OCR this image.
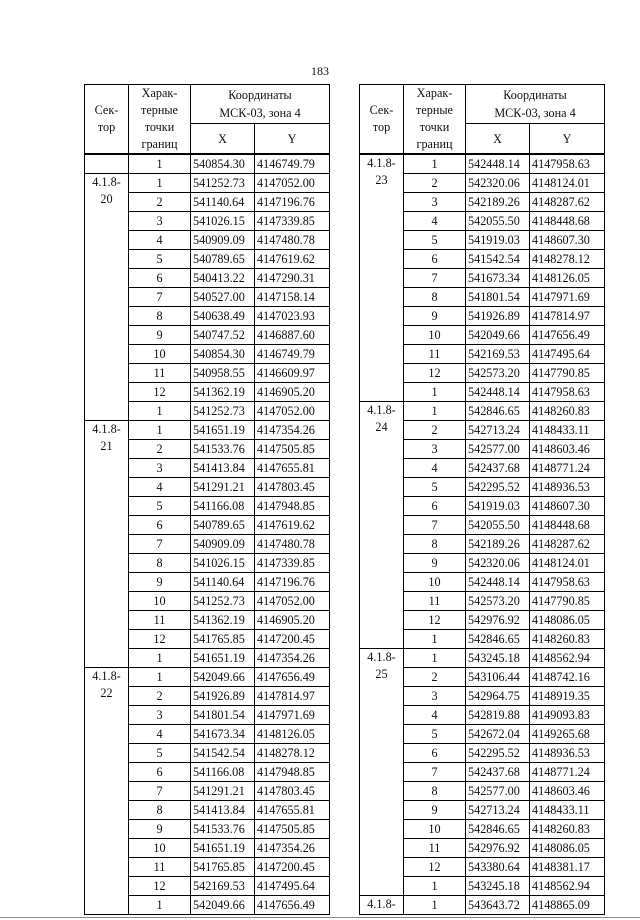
183
Сек-
тор	Харак-
терные
точки
границ	Координаты
МСК-03, зона 4	
		X	Y
	1	540854.30	4146749.79
4.1.8-
20	1	541252.73	4147052.00
	2	541140.64	4147196.76
	3	541026.15	4147339.85
	4	540909.09	4147480.78
	5	540789.65	4147619.62
	6	540413.22	4147290.31
	7	540527.00	4147158.14
	8	540638.49	4147023.93
	9	540747.52	4146887.60
	10	540854.30	4146749.79
	11	540958.55	4146609.97
	12	541362.19	4146905.20
	1	541252.73	4147052.00
4.1.8-
21	1	541651.19	4147354.26
	2	541533.76	4147505.85
	3	541413.84	4147655.81
	4	541291.21	4147803.45
	5	541166.08	4147948.85
	6	540789.65	4147619.62
	7	540909.09	4147480.78
	8	541026.15	4147339.85
	9	541140.64	4147196.76
	10	541252.73	4147052.00
	11	541362.19	4146905.20
	12	541765.85	4147200.45
	1	541651.19	4147354.26
4.1.8-
22	1	542049.66	4147656.49
	2	541926.89	4147814.97
	3	541801.54	4147971.69
	4	541673.34	4148126.05
	5	541542.54	4148278.12
	6	541166.08	4147948.85
	7	541291.21	4147803.45
	8	541413.84	4147655.81
	9	541533.76	4147505.85
	10	541651.19	4147354.26
	11	541765.85	4147200.45
	12	542169.53	4147495.64
	1	542049.66	4147656.49
Сек-
тор	Харак-
терные
точки
границ	Координаты
МСК-03, зона 4	
		X	Y
4.1.8-
23	1	542448.14	4147958.63
	2	542320.06	4148124.01
	3	542189.26	4148287.62
	4	542055.50	4148448.68
	5	541919.03	4148607.30
	6	541542.54	4148278.12
	7	541673.34	4148126.05
	8	541801.54	4147971.69
	9	541926.89	4147814.97
	10	542049.66	4147656.49
	11	542169.53	4147495.64
	12	542573.20	4147790.85
	1	542448.14	4147958.63
4.1.8-
24	1	542846.65	4148260.83
	2	542713.24	4148433.11
	3	542577.00	4148603.46
	4	542437.68	4148771.24
	5	542295.52	4148936.53
	6	541919.03	4148607.30
	7	542055.50	4148448.68
	8	542189.26	4148287.62
	9	542320.06	4148124.01
	10	542448.14	4147958.63
	11	542573.20	4147790.85
	12	542976.92	4148086.05
	1	542846.65	4148260.83
4.1.8-
25	1	543245.18	4148562.94
	2	543106.44	4148742.16
	3	542964.75	4148919.35
	4	542819.88	4149093.83
	5	542672.04	4149265.68
	6	542295.52	4148936.53
	7	542437.68	4148771.24
	8	542577.00	4148603.46
	9	542713.24	4148433.11
	10	542846.65	4148260.83
	11	542976.92	4148086.05
	12	543380.64	4148381.17
	1	543245.18	4148562.94
4.1.8-	1	543643.72	4148865.09
